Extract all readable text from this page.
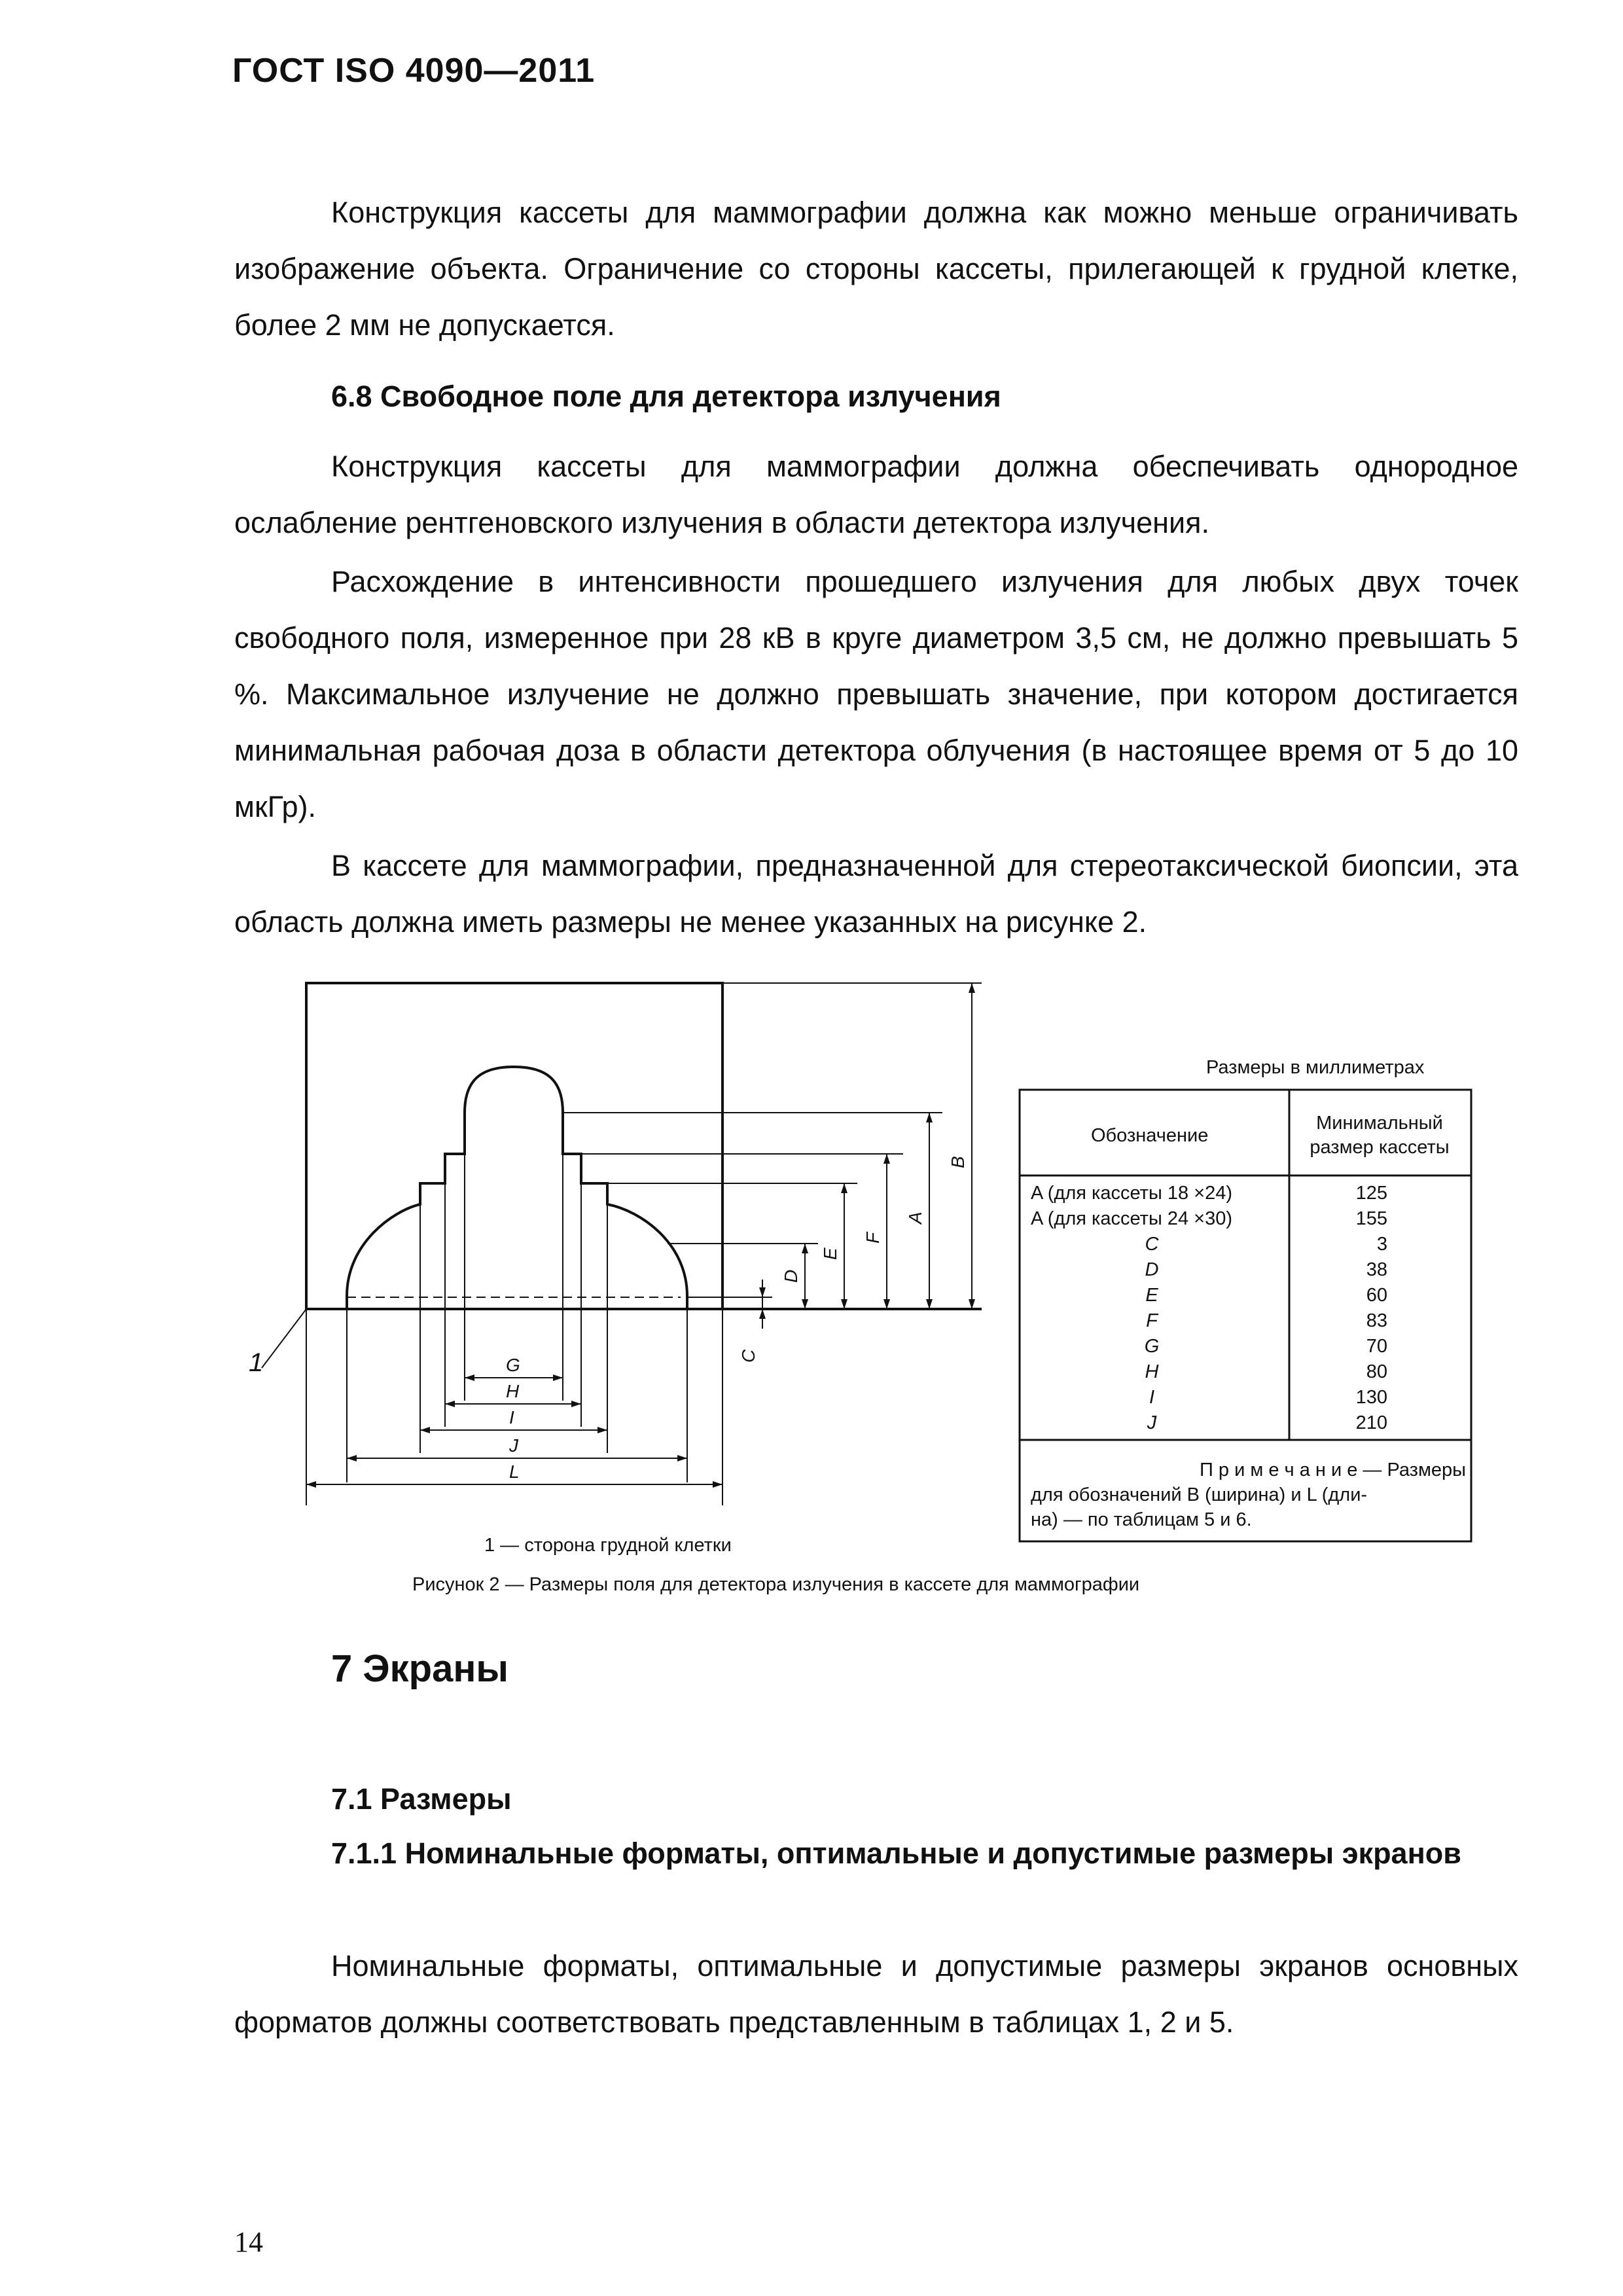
ГОСТ ISO 4090—2011
Конструкция кассеты для маммографии должна как можно меньше ограничивать изображение объекта. Ограничение со стороны кассеты, прилегающей к грудной клетке, более 2 мм не допускается.
6.8 Свободное поле для детектора излучения
Конструкция кассеты для маммографии должна обеспечивать однородное ослабление рентгеновского излучения в области детектора излучения.
Расхождение в интенсивности прошедшего излучения для любых двух точек свободного поля, измеренное при 28 кВ в круге диаметром 3,5 см, не должно превышать 5 %. Максимальное излучение не должно превышать значение, при котором достигается минимальная рабочая доза в области детектора облучения (в настоящее время от 5 до 10 мкГр).
В кассете для маммографии, предназначенной для стереотаксической биопсии, эта область должна иметь размеры не менее указанных на рисунке 2.
G
H
I
J
L
B
A
F
E
D
C
1
Размеры в миллиметрах
Обозначение
Минимальный
размер кассеты
A (для кассеты 18 ×24)	125
A (для кассеты 24 ×30)	155
C	3
D	38
E	60
F	83
G	70
H	80
I	130
J	210
П р и м е ч а н и е — Размеры
для обозначений B (ширина) и L (дли-
на) — по таблицам 5 и 6.
1 — сторона грудной клетки
Рисунок 2 — Размеры поля для детектора излучения в кассете для маммографии
7 Экраны
7.1 Размеры
7.1.1 Номинальные форматы, оптимальные и допустимые размеры экранов
Номинальные форматы, оптимальные и допустимые размеры экранов основных форматов должны соответствовать представленным в таблицах 1, 2 и 5.
14
